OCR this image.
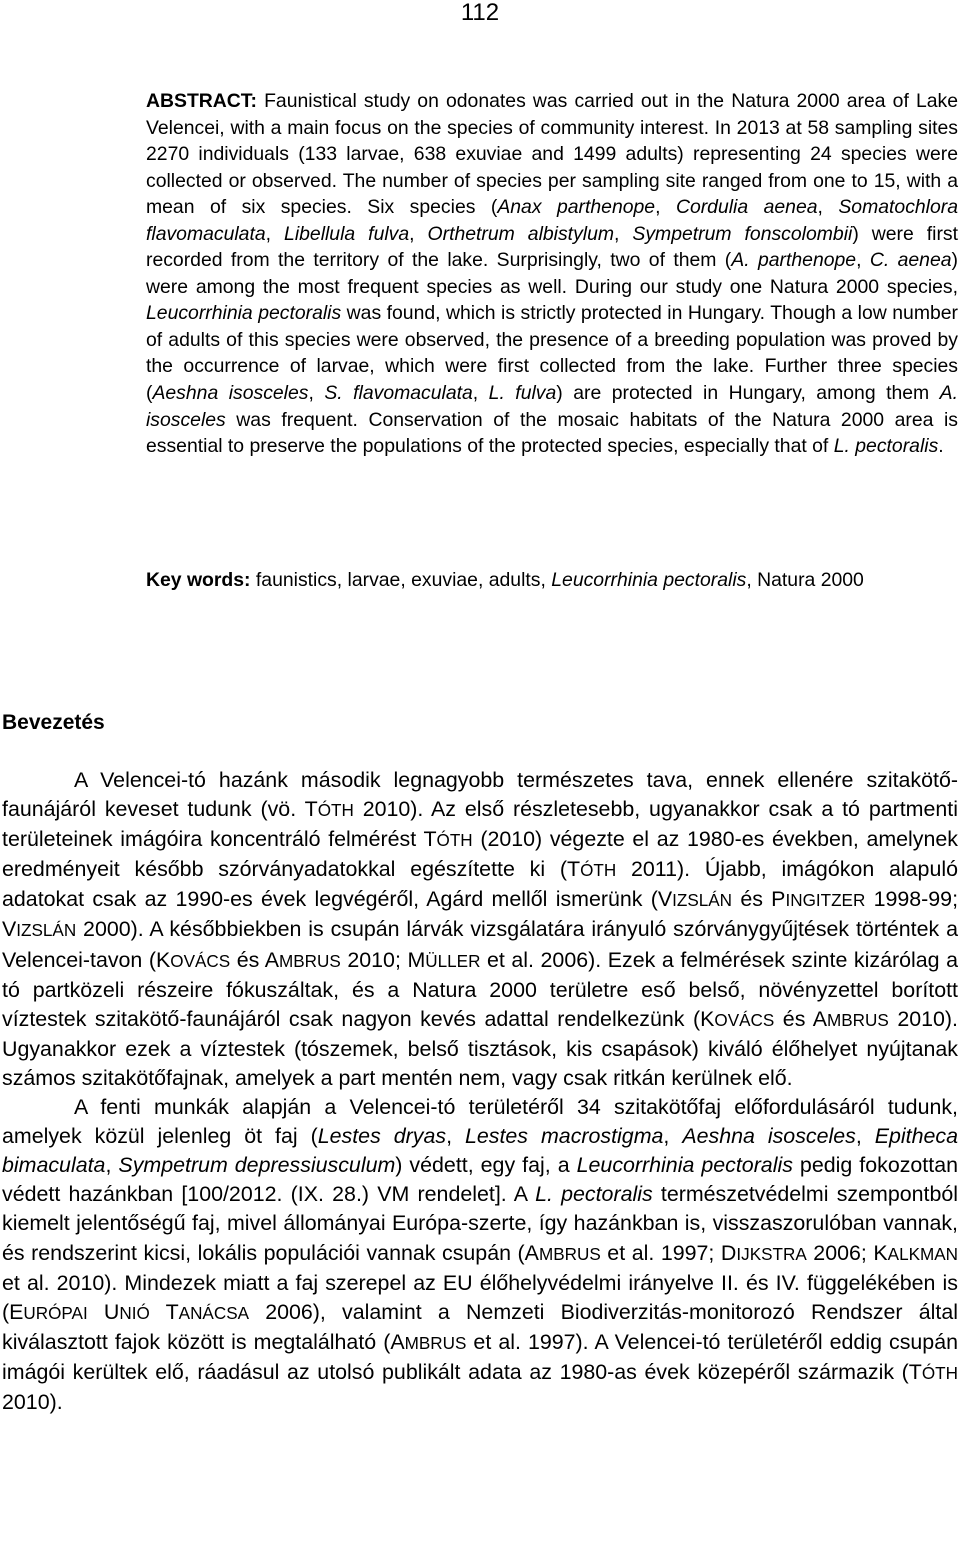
112

ABSTRACT: Faunistical study on odonates was carried out in the Natura 2000 area of Lake Velencei, with a main focus on the species of community interest. In 2013 at 58 sampling sites 2270 individuals (133 larvae, 638 exuviae and 1499 adults) representing 24 species were collected or observed. The number of species per sampling site ranged from one to 15, with a mean of six species. Six species (Anax parthenope, Cordulia aenea, Somatochlora flavomaculata, Libellula fulva, Orthetrum albistylum, Sympetrum fonscolombii) were first recorded from the territory of the lake. Surprisingly, two of them (A. parthenope, C. aenea) were among the most frequent species as well. During our study one Natura 2000 species, Leucorrhinia pectoralis was found, which is strictly protected in Hungary. Though a low number of adults of this species were observed, the presence of a breeding population was proved by the occurrence of larvae, which were first collected from the lake. Further three species (Aeshna isosceles, S. flavomaculata, L. fulva) are protected in Hungary, among them A. isosceles was frequent. Conservation of the mosaic habitats of the Natura 2000 area is essential to preserve the populations of the protected species, especially that of L. pectoralis.

Key words: faunistics, larvae, exuviae, adults, Leucorrhinia pectoralis, Natura 2000

Bevezetés

A Velencei-tó hazánk második legnagyobb természetes tava, ennek ellenére szitakötő-faunájáról keveset tudunk (vö. TÓTH 2010). Az első részletesebb, ugyanakkor csak a tó partmenti területeinek imágóira koncentráló felmérést TÓTH (2010) végezte el az 1980-es években, amelynek eredményeit később szórványadatokkal egészítette ki (TÓTH 2011). Újabb, imágókon alapuló adatokat csak az 1990-es évek legvégéről, Agárd mellől ismerünk (VIZSLÁN és PINGITZER 1998-99; VIZSLÁN 2000). A későbbiekben is csupán lárvák vizsgálatára irányuló szórványgyűjtések történtek a Velencei-tavon (KOVÁCS és AMBRUS 2010; MÜLLER et al. 2006). Ezek a felmérések szinte kizárólag a tó partközeli részeire fókuszáltak, és a Natura 2000 területre eső belső, növényzettel borított víztestek szitakötő-faunájáról csak nagyon kevés adattal rendelkezünk (KOVÁCS és AMBRUS 2010). Ugyanakkor ezek a víztestek (tószemek, belső tisztások, kis csapások) kiváló élőhelyet nyújtanak számos szitakötőfajnak, amelyek a part mentén nem, vagy csak ritkán kerülnek elő.

A fenti munkák alapján a Velencei-tó területéről 34 szitakötőfaj előfordulásáról tudunk, amelyek közül jelenleg öt faj (Lestes dryas, Lestes macrostigma, Aeshna isosceles, Epitheca bimaculata, Sympetrum depressiusculum) védett, egy faj, a Leucorrhinia pectoralis pedig fokozottan védett hazánkban [100/2012. (IX. 28.) VM rendelet]. A L. pectoralis természetvédelmi szempontból kiemelt jelentőségű faj, mivel állományai Európa-szerte, így hazánkban is, visszaszorulóban vannak, és rendszerint kicsi, lokális populációi vannak csupán (AMBRUS et al. 1997; DIJKSTRA 2006; KALKMAN et al. 2010). Mindezek miatt a faj szerepel az EU élőhelyvédelmi irányelve II. és IV. függelékében is (EURÓPAI UNIÓ TANÁCSA 2006), valamint a Nemzeti Biodiverzitás-monitorozó Rendszer által kiválasztott fajok között is megtalálható (AMBRUS et al. 1997). A Velencei-tó területéről eddig csupán imágói kerültek elő, ráadásul az utolsó publikált adata az 1980-as évek közepéről származik (TÓTH 2010).
